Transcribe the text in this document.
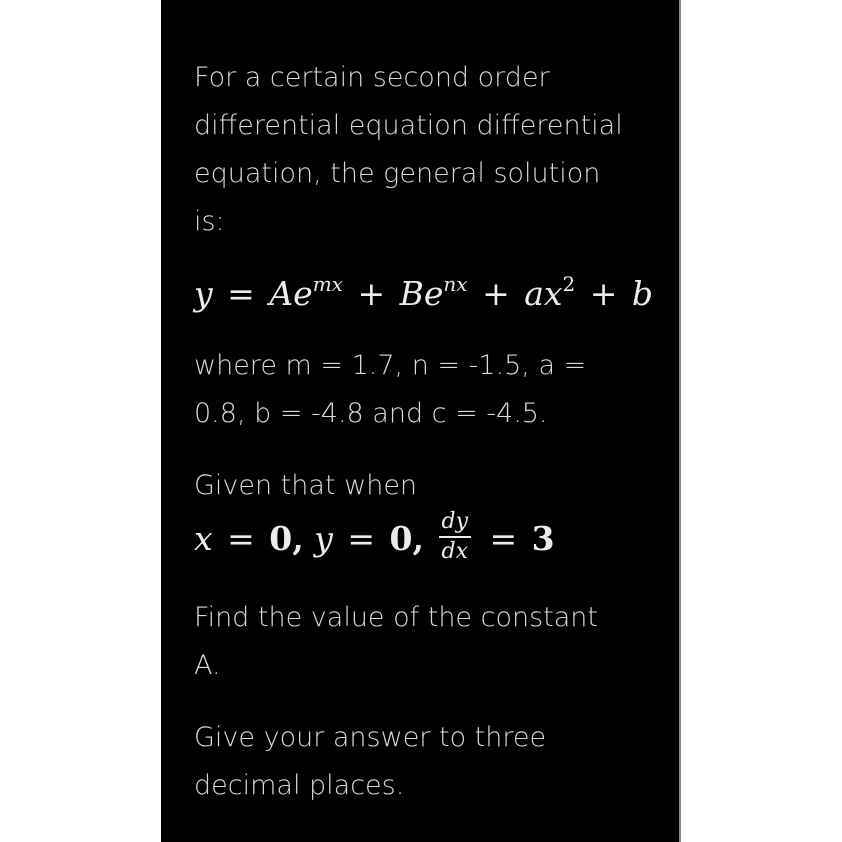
For a certain second order
differential equation differential
equation, the general solution
is:

$y = Ae^{mx} + Be^{nx} + ax^2 + b$

where m = 1.7, n = -1.5, a =
0.8, b = -4.8 and c = -4.5.

Given that when

x = 0, y = 0, $\frac{dy}{dx} = 3$

Find the value of the constant
A.

Give your answer to three
decimal places.
